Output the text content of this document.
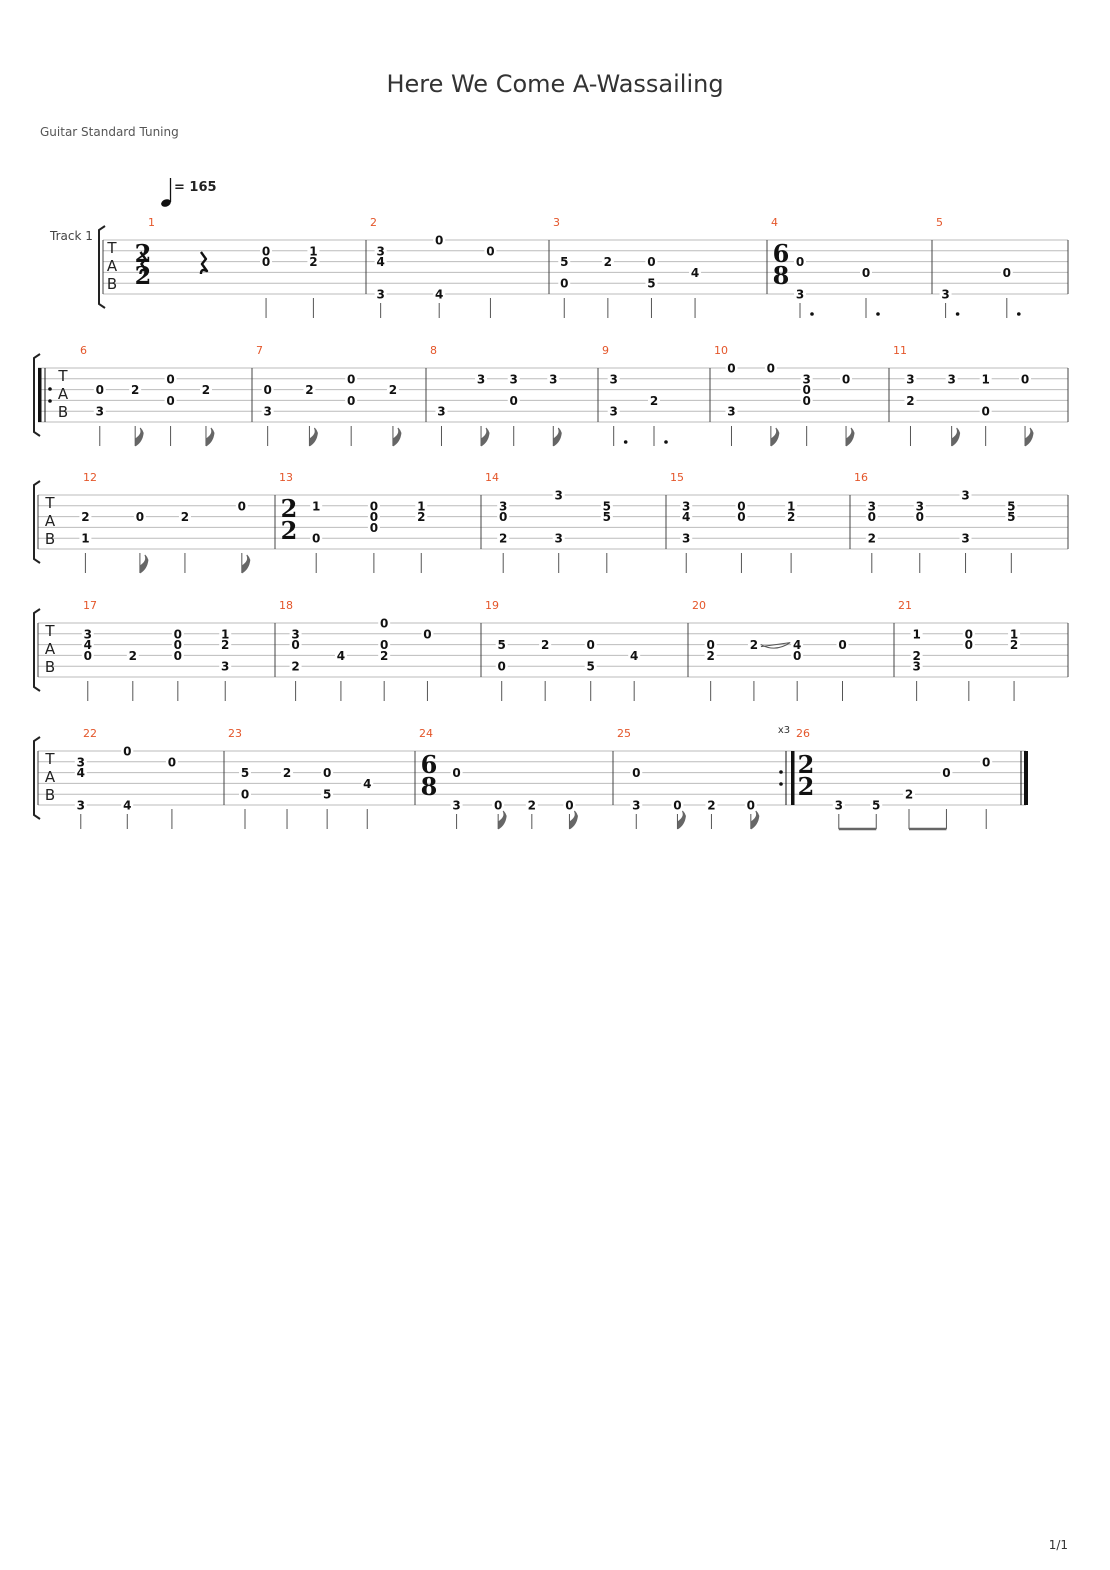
Here We Come A-Wassailing
Guitar Standard Tuning
= 165
Track 1
T
A
B
1
2
2
0
0
1
2
2
3
4
3
0
4
0
3
5
0
2	0
5
4
4
6
8 0
3
0
5
3
0
T
A
B
6
0
3
2
0
0
2
7
0
3
2
0
0
2
8
3
3 3
0
3
9
3
3
2
10
0
3
0
3
0
0
0
11
3
2
3 1
0
0
T
A
B
12
2
1
0	2
0
13
2
2
1
0
0
0
0
1
2
14
3
0
2
3
3
5
5
15
3
4
3
0
0
1
2
16
3
0
2
3
0
3
3
5
5
T
A
B
17
3
4
0	2
0
0
0
1
2
3
18
3
0
2
4
0
0
2
0
19
5
0
2	0
5
4
20
0
2
2	4
0
0
21
1
2
3
0
0
1
2
T
A
B
22
3
4
3
0
4
0
23
5
0
2	0
5
4
24
6
8 0
3	0 2 0
x3
25
0
3	0 2	0
26
2
2
3 5
2
0
0
1/1
